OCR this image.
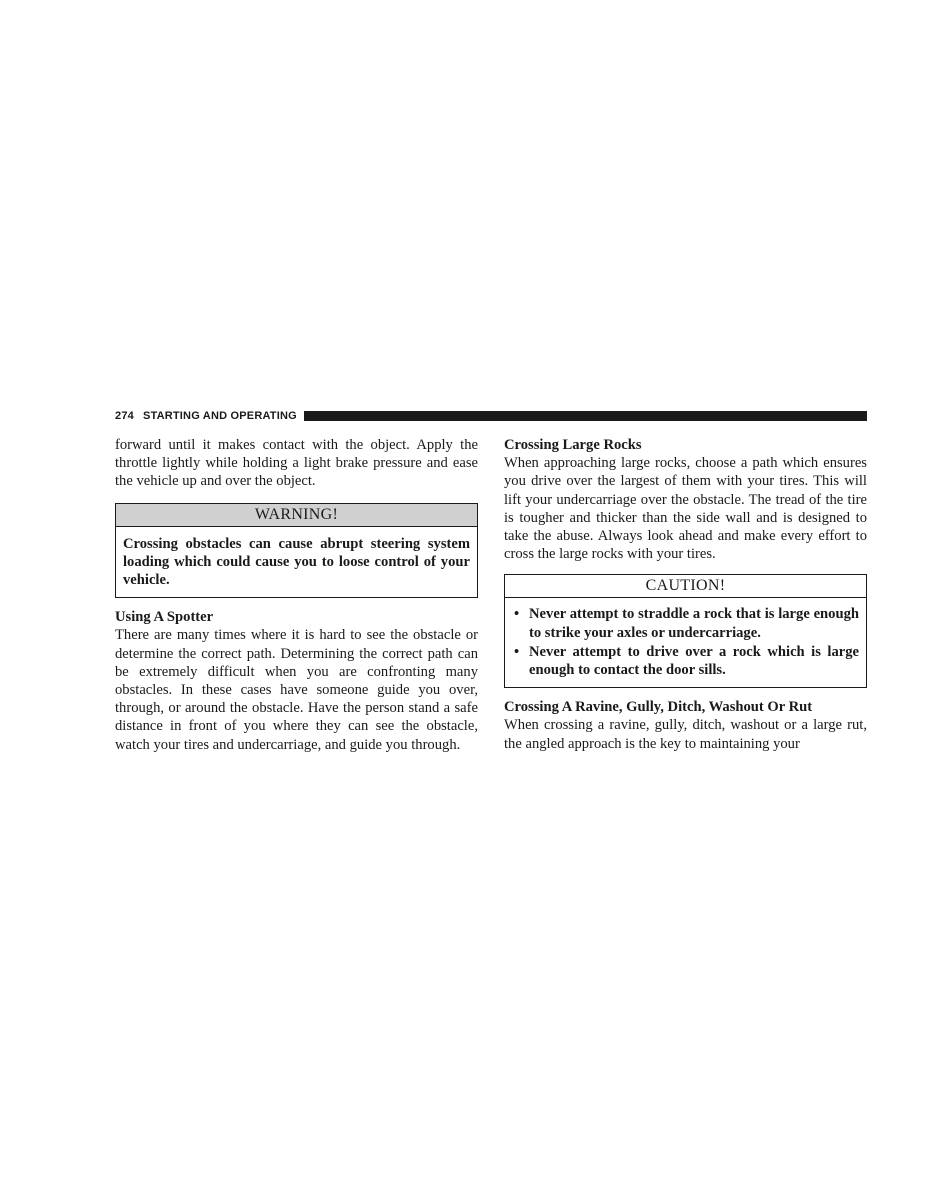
274 STARTING AND OPERATING

forward until it makes contact with the object. Apply the throttle lightly while holding a light brake pressure and ease the vehicle up and over the object.

WARNING!
Crossing obstacles can cause abrupt steering system loading which could cause you to loose control of your vehicle.
Using A Spotter

There are many times where it is hard to see the obstacle or determine the correct path. Determining the correct path can be extremely difficult when you are confronting many obstacles. In these cases have someone guide you over, through, or around the obstacle. Have the person stand a safe distance in front of you where they can see the obstacle, watch your tires and undercarriage, and guide you through.

Crossing Large Rocks

When approaching large rocks, choose a path which ensures you drive over the largest of them with your tires. This will lift your undercarriage over the obstacle. The tread of the tire is tougher and thicker than the side wall and is designed to take the abuse. Always look ahead and make every effort to cross the large rocks with your tires.

CAUTION!
• Never attempt to straddle a rock that is large enough to strike your axles or undercarriage.
• Never attempt to drive over a rock which is large enough to contact the door sills.
Crossing A Ravine, Gully, Ditch, Washout Or Rut

When crossing a ravine, gully, ditch, washout or a large rut, the angled approach is the key to maintaining your
